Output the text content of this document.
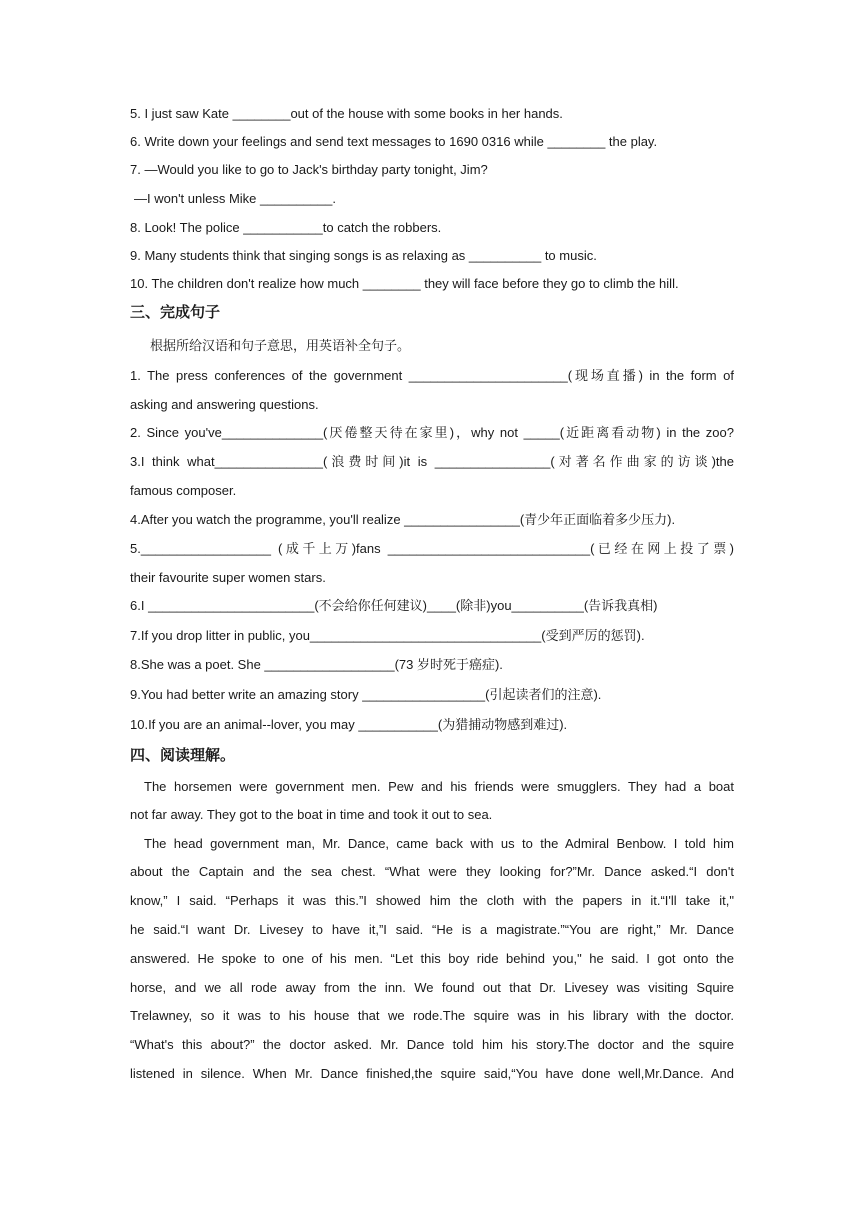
5. I just saw Kate ________out of the house with some books in her hands.
6. Write down your feelings and send text messages to 1690 0316 while ________ the play.
7. —Would you like to go to Jack's birthday party tonight, Jim?
—I won't unless Mike __________.
8. Look! The police ___________to catch the robbers.
9. Many students think that singing songs is as relaxing as __________ to music.
10. The children don't realize how much ________ they will face before they go to climb the hill.
三、完成句子
根据所给汉语和句子意思，用英语补全句子。
1. The press conferences of the government ______________________(现场直播) in the form of
asking and answering questions.
2. Since you've______________(厌倦整天待在家里)，why not _____(近距离看动物) in the zoo?
3.I think what_______________(浪费时间)it is ________________(对著名作曲家的访谈)the
famous composer.
4.After you watch the programme, you'll realize ________________(青少年正面临着多少压力).
5.__________________ (成千上万)fans ____________________________(已经在网上投了票)
their favourite super women stars.
6.I _______________________(不会给你任何建议)____(除非)you__________(告诉我真相)
7.If you drop litter in public, you________________________________(受到严厉的惩罚).
8.She was a poet. She __________________(73 岁时死于癌症).
9.You had better write an amazing story _________________(引起读者们的注意).
10.If you are an animal--lover, you may ___________(为猎捕动物感到难过).
四、阅读理解。
The horsemen were government men. Pew and his friends were smugglers. They had a boat
not far away. They got to the boat in time and took it out to sea.
The head government man, Mr. Dance, came back with us to the Admiral Benbow. I told him
about the Captain and the sea chest. “What were they looking for?”Mr. Dance asked.“I don't
know,” I said. “Perhaps it was this.”I showed him the cloth with the papers in it.“I'll take it,"
he said.“I want Dr. Livesey to have it,”I said. “He is a magistrate.”“You are right,” Mr. Dance
answered. He spoke to one of his men. “Let this boy ride behind you," he said. I got onto the
horse, and we all rode away from the inn. We found out that Dr. Livesey was visiting Squire
Trelawney, so it was to his house that we rode.The squire was in his library with the doctor.
“What's this about?” the doctor asked. Mr. Dance told him his story.The doctor and the squire
listened in silence. When Mr. Dance finished,the squire said,“You have done well,Mr.Dance. And
